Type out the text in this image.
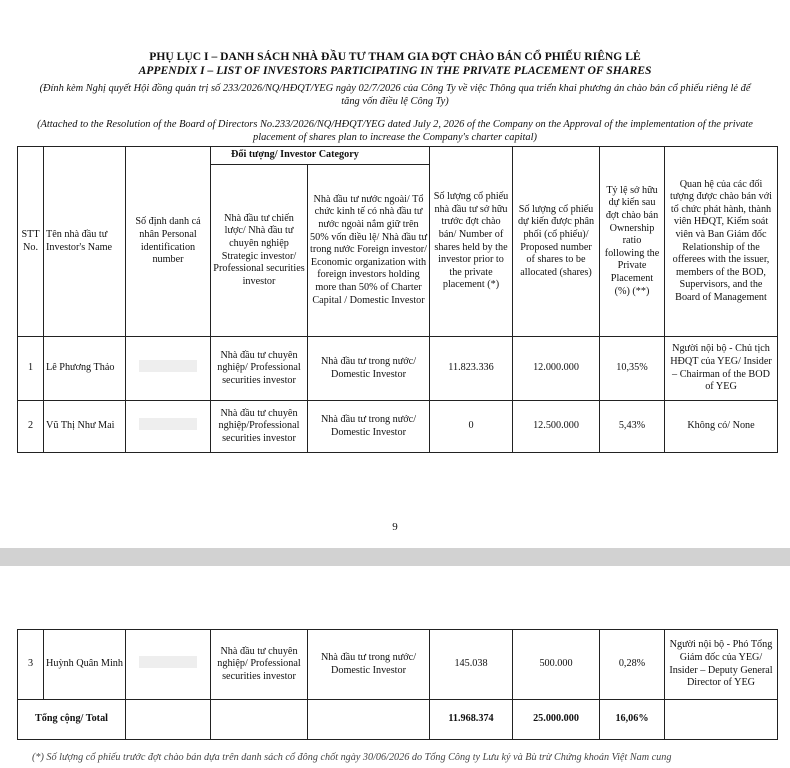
PHỤ LỤC I – DANH SÁCH NHÀ ĐẦU TƯ THAM GIA ĐỢT CHÀO BÁN CỔ PHIẾU RIÊNG LẺ
APPENDIX I – LIST OF INVESTORS PARTICIPATING IN THE PRIVATE PLACEMENT OF SHARES
(Đính kèm Nghị quyết Hội đồng quản trị số 233/2026/NQ/HĐQT/YEG ngày 02/7/2026 của Công Ty về việc Thông qua triển khai phương án chào bán cổ phiếu riêng lẻ để tăng vốn điều lệ Công Ty)
(Attached to the Resolution of the Board of Directors No.233/2026/NQ/HĐQT/YEG dated July 2, 2026 of the Company on the Approval of the implementation of the private placement of shares plan to increase the Company's charter capital)
STT No.	Tên nhà đầu tư Investor's Name	Số định danh cá nhân Personal identification number	Đối tượng/ Investor Category		Số lượng cổ phiếu nhà đầu tư sở hữu trước đợt chào bán/ Number of shares held by the investor prior to the private placement (*)	Số lượng cổ phiếu dự kiến được phân phối (cổ phiếu)/ Proposed number of shares to be allocated (shares)	Tỷ lệ sở hữu dự kiến sau đợt chào bán Ownership ratio following the Private Placement (%) (**)	Quan hệ của các đối tượng được chào bán với tổ chức phát hành, thành viên HĐQT, Kiểm soát viên và Ban Giám đốc Relationship of the offerees with the issuer, members of the BOD, Supervisors, and the Board of Management
			Nhà đầu tư chiến lược/ Nhà đầu tư chuyên nghiệp Strategic investor/ Professional securities investor	Nhà đầu tư nước ngoài/ Tổ chức kinh tế có nhà đầu tư nước ngoài nắm giữ trên 50% vốn điều lệ/ Nhà đầu tư trong nước Foreign investor/ Economic organization with foreign investors holding more than 50% of Charter Capital / Domestic Investor				
1	Lê Phương Thảo		Nhà đầu tư chuyên nghiệp/ Professional securities investor	Nhà đầu tư trong nước/ Domestic Investor	11.823.336	12.000.000	10,35%	Người nội bộ - Chủ tịch HĐQT của YEG/ Insider – Chairman of the BOD of YEG
2	Vũ Thị Như Mai		Nhà đầu tư chuyên nghiệp/Professional securities investor	Nhà đầu tư trong nước/ Domestic Investor	0	12.500.000	5,43%	Không có/ None
9
3	Huỳnh Quân Minh		Nhà đầu tư chuyên nghiệp/ Professional securities investor	Nhà đầu tư trong nước/ Domestic Investor	145.038	500.000	0,28%	Người nội bộ - Phó Tổng Giám đốc của YEG/ Insider – Deputy General Director of YEG
Tổng cộng/ Total					11.968.374	25.000.000	16,06%	
(*) Số lượng cổ phiếu trước đợt chào bán dựa trên danh sách cổ đông chốt ngày 30/06/2026 do Tổng Công ty Lưu ký và Bù trừ Chứng khoán Việt Nam cung
